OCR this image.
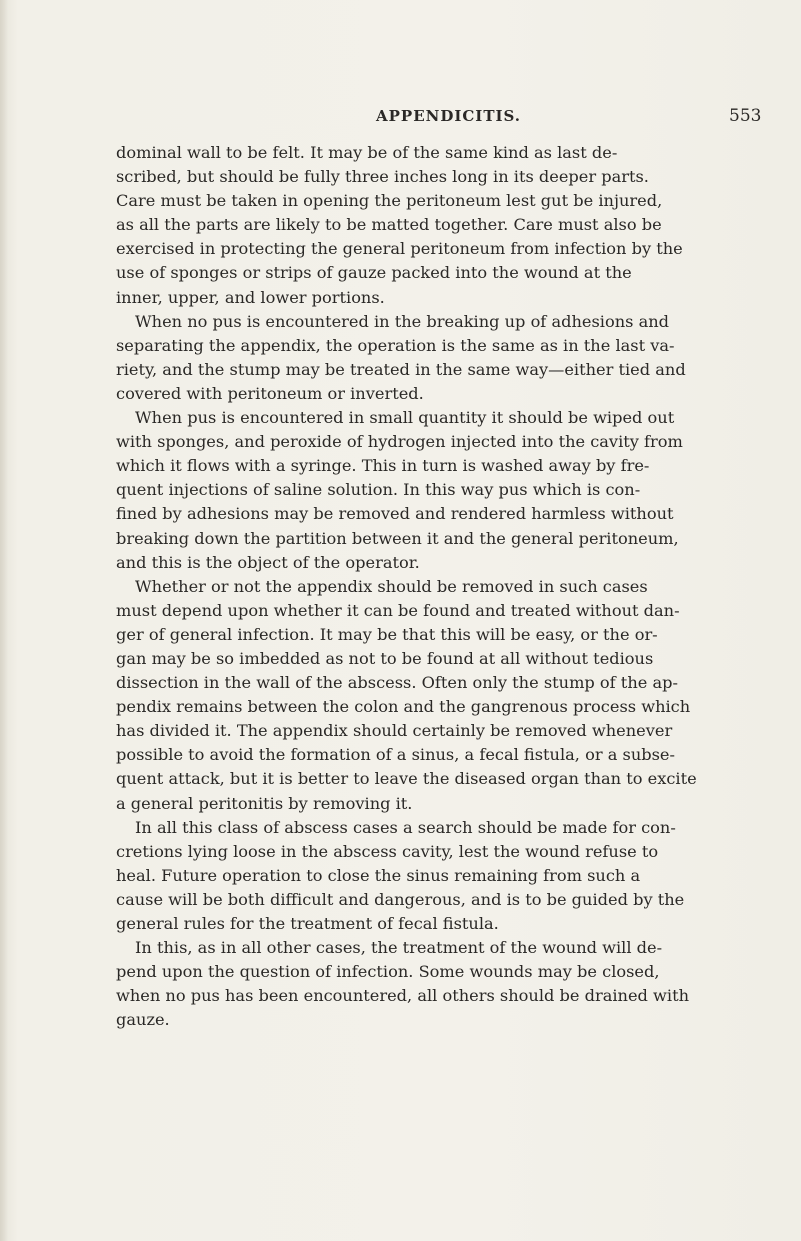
APPENDICITIS.	553
dominal wall to be felt. It may be of the same kind as last de-
scribed, but should be fully three inches long in its deeper parts.
Care must be taken in opening the peritoneum lest gut be injured,
as all the parts are likely to be matted together. Care must also be
exercised in protecting the general peritoneum from infection by the
use of sponges or strips of gauze packed into the wound at the
inner, upper, and lower portions.
When no pus is encountered in the breaking up of adhesions and
separating the appendix, the operation is the same as in the last va-
riety, and the stump may be treated in the same way—either tied and
covered with peritoneum or inverted.
When pus is encountered in small quantity it should be wiped out
with sponges, and peroxide of hydrogen injected into the cavity from
which it flows with a syringe. This in turn is washed away by fre-
quent injections of saline solution. In this way pus which is con-
fined by adhesions may be removed and rendered harmless without
breaking down the partition between it and the general peritoneum,
and this is the object of the operator.
Whether or not the appendix should be removed in such cases
must depend upon whether it can be found and treated without dan-
ger of general infection. It may be that this will be easy, or the or-
gan may be so imbedded as not to be found at all without tedious
dissection in the wall of the abscess. Often only the stump of the ap-
pendix remains between the colon and the gangrenous process which
has divided it. The appendix should certainly be removed whenever
possible to avoid the formation of a sinus, a fecal fistula, or a subse-
quent attack, but it is better to leave the diseased organ than to excite
a general peritonitis by removing it.
In all this class of abscess cases a search should be made for con-
cretions lying loose in the abscess cavity, lest the wound refuse to
heal. Future operation to close the sinus remaining from such a
cause will be both difficult and dangerous, and is to be guided by the
general rules for the treatment of fecal fistula.
In this, as in all other cases, the treatment of the wound will de-
pend upon the question of infection. Some wounds may be closed,
when no pus has been encountered, all others should be drained with
gauze.
